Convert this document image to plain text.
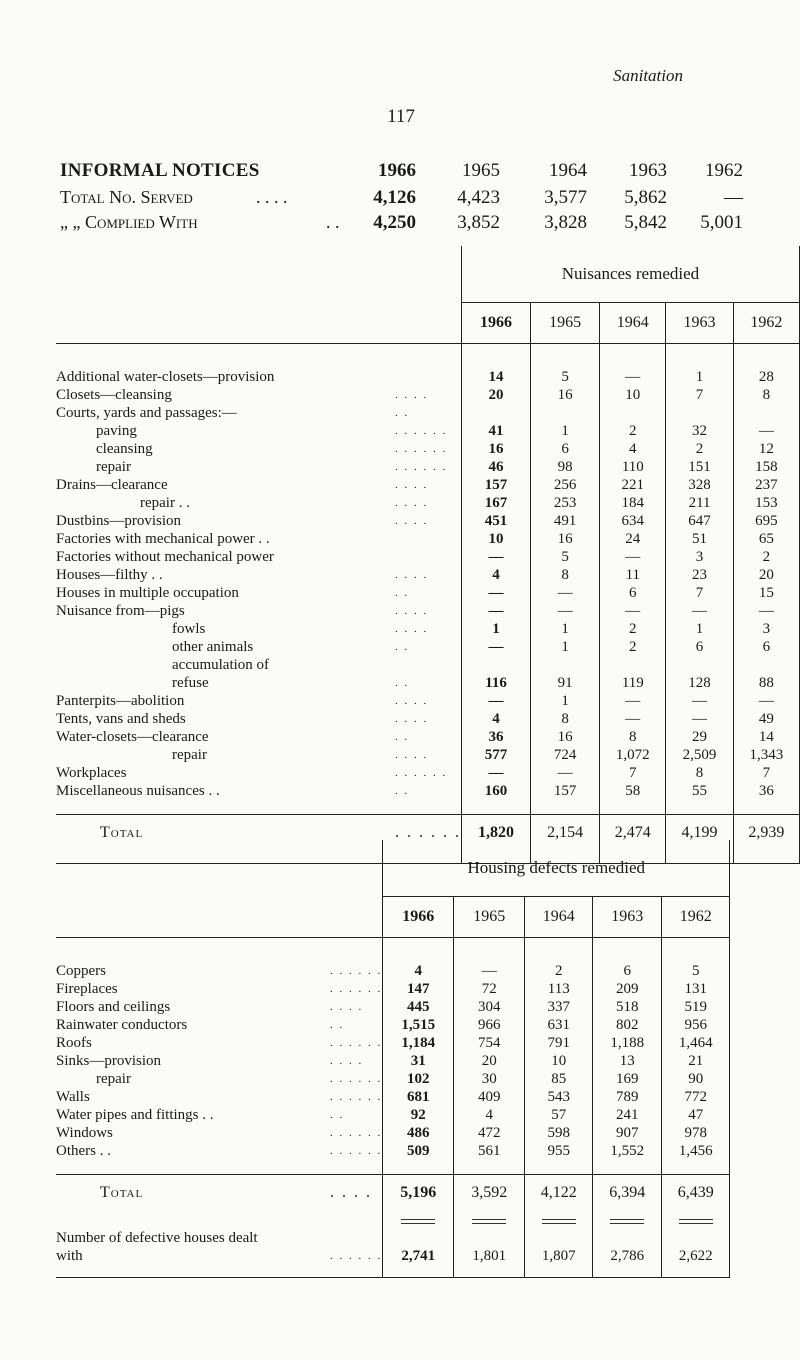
Sanitation
117
INFORMAL NOTICES	1966	1965	1964	1963	1962
Total No. Served	. . . .	4,126	4,423	3,577	5,862	—
„ „ Complied With	. .	4,250	3,852	3,828	5,842	5,001
		Nuisances remedied				
		1966	1965	1964	1963	1962

Additional water-closets—provision		14	5	—	1	28
Closets—cleansing	. . . .	20	16	10	7	8
Courts, yards and passages:—	. .					
paving	. . . . . .	41	1	2	32	—
cleansing	. . . . . .	16	6	4	2	12
repair	. . . . . .	46	98	110	151	158
Drains—clearance	. . . .	157	256	221	328	237
repair . .	. . . .	167	253	184	211	153
Dustbins—provision	. . . .	451	491	634	647	695
Factories with mechanical power . .		10	16	24	51	65
Factories without mechanical power		—	5	—	3	2
Houses—filthy . .	. . . .	4	8	11	23	20
Houses in multiple occupation	. .	—	—	6	7	15
Nuisance from—pigs	. . . .	—	—	—	—	—
fowls	. . . .	1	1	2	1	3
other animals	. .	—	1	2	6	6
accumulation of						
refuse	. .	116	91	119	128	88
Panterpits—abolition	. . . .	—	1	—	—	—
Tents, vans and sheds	. . . .	4	8	—	—	49
Water-closets—clearance	. .	36	16	8	29	14
repair	. . . .	577	724	1,072	2,509	1,343
Workplaces	. . . . . .	—	—	7	8	7
Miscellaneous nuisances . .	. .	160	157	58	55	36

Total	. . . . . .	1,820	2,154	2,474	4,199	2,939

		Housing defects remedied				
		1966	1965	1964	1963	1962

Coppers	. . . . . .	4	—	2	6	5
Fireplaces	. . . . . .	147	72	113	209	131
Floors and ceilings	. . . .	445	304	337	518	519
Rainwater conductors	. .	1,515	966	631	802	956
Roofs	. . . . . .	1,184	754	791	1,188	1,464
Sinks—provision	. . . .	31	20	10	13	21
repair	. . . . . .	102	30	85	169	90
Walls	. . . . . .	681	409	543	789	772
Water pipes and fittings . .	. .	92	4	57	241	47
Windows	. . . . . .	486	472	598	907	978
Others . .	. . . . . .	509	561	955	1,552	1,456

Total	. . . .	5,196	3,592	4,122	6,394	6,439

Number of defective houses dealt						
with	. . . . . .	2,741	1,801	1,807	2,786	2,622
